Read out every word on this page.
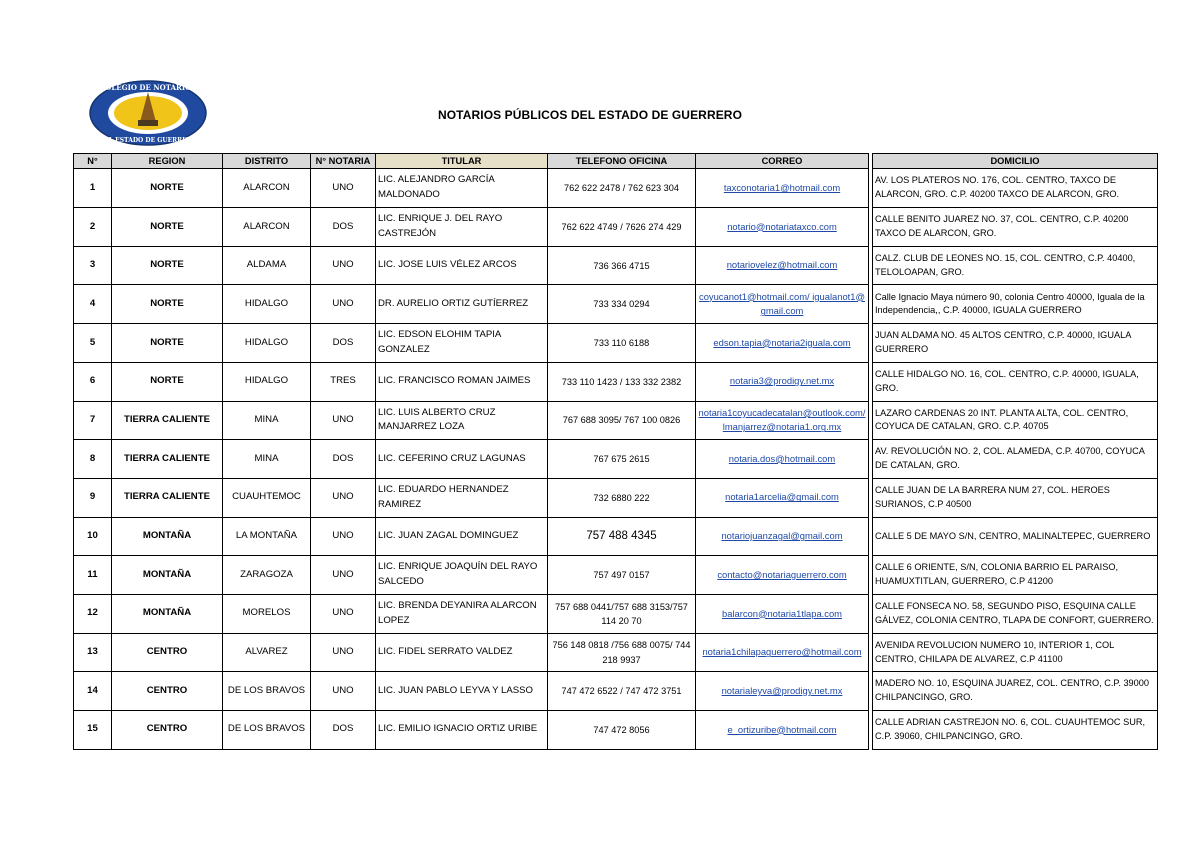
COLEGIO DE NOTARIOS
DEL ESTADO DE GUERRERO
NOTARIOS PÚBLICOS DEL ESTADO DE GUERRERO
N°	REGION	DISTRITO	N° NOTARIA	TITULAR	TELEFONO OFICINA	CORREO		DOMICILIO
1	NORTE	ALARCON	UNO	LIC. ALEJANDRO GARCÍA MALDONADO	762 622 2478 / 762 623 304	taxconotaria1@hotmail.com		AV. LOS PLATEROS NO. 176, COL. CENTRO, TAXCO DE ALARCON, GRO. C.P. 40200 TAXCO DE ALARCON, GRO.
2	NORTE	ALARCON	DOS	LIC. ENRIQUE J. DEL RAYO CASTREJÓN	762 622 4749 / 7626 274 429	notario@notariataxco.com		CALLE BENITO JUAREZ NO. 37, COL. CENTRO, C.P. 40200 TAXCO DE ALARCON, GRO.
3	NORTE	ALDAMA	UNO	LIC. JOSE LUIS VÉLEZ ARCOS	736 366 4715	notariovelez@hotmail.com		CALZ. CLUB DE LEONES NO. 15, COL. CENTRO, C.P. 40400, TELOLOAPAN, GRO.
4	NORTE	HIDALGO	UNO	DR. AURELIO ORTIZ GUTÍERREZ	733 334 0294	coyucanot1@hotmail.com/ igualanot1@gmail.com		Calle Ignacio Maya número 90, colonia Centro 40000, Iguala de la Independencia,, C.P. 40000, IGUALA GUERRERO
5	NORTE	HIDALGO	DOS	LIC. EDSON ELOHIM TAPIA GONZALEZ	733 110 6188	edson.tapia@notaria2iguala.com		JUAN ALDAMA NO. 45 ALTOS CENTRO, C.P. 40000, IGUALA GUERRERO
6	NORTE	HIDALGO	TRES	LIC. FRANCISCO ROMAN JAIMES	733 110 1423 / 133 332 2382	notaria3@prodigy.net.mx		CALLE HIDALGO NO. 16, COL. CENTRO, C.P. 40000, IGUALA, GRO.
7	TIERRA CALIENTE	MINA	UNO	LIC. LUIS ALBERTO CRUZ MANJARREZ LOZA	767 688 3095/ 767 100 0826	notaria1coyucadecatalan@outlook.com/ lmanjarrez@notaria1.org.mx		LAZARO CARDENAS 20 INT. PLANTA ALTA, COL. CENTRO, COYUCA DE CATALAN, GRO. C.P. 40705
8	TIERRA CALIENTE	MINA	DOS	LIC. CEFERINO CRUZ LAGUNAS	767 675 2615	notaria.dos@hotmail.com		AV. REVOLUCIÓN NO. 2, COL. ALAMEDA, C.P. 40700, COYUCA DE CATALAN, GRO.
9	TIERRA CALIENTE	CUAUHTEMOC	UNO	LIC. EDUARDO HERNANDEZ RAMIREZ	732 6880 222	notaria1arcelia@gmail.com		CALLE JUAN DE LA BARRERA NUM 27, COL. HEROES SURIANOS, C.P 40500
10	MONTAÑA	LA MONTAÑA	UNO	LIC. JUAN ZAGAL DOMINGUEZ	757 488 4345	notariojuanzagal@gmail.com		CALLE 5 DE MAYO S/N, CENTRO, MALINALTEPEC, GUERRERO
11	MONTAÑA	ZARAGOZA	UNO	LIC. ENRIQUE JOAQUÍN DEL RAYO SALCEDO	757 497 0157	contacto@notariaguerrero.com		CALLE 6 ORIENTE, S/N, COLONIA BARRIO EL PARAISO, HUAMUXTITLAN, GUERRERO, C.P 41200
12	MONTAÑA	MORELOS	UNO	LIC. BRENDA DEYANIRA ALARCON LOPEZ	757 688 0441/757 688 3153/757 114 20 70	balarcon@notaria1tlapa.com		CALLE FONSECA NO. 58, SEGUNDO PISO, ESQUINA CALLE GÁLVEZ, COLONIA CENTRO, TLAPA DE CONFORT, GUERRERO.
13	CENTRO	ALVAREZ	UNO	LIC. FIDEL SERRATO VALDEZ	756 148 0818 /756 688 0075/ 744 218 9937	notaria1chilapaguerrero@hotmail.com		AVENIDA REVOLUCION NUMERO 10, INTERIOR 1, COL CENTRO, CHILAPA DE ALVAREZ, C.P 41100
14	CENTRO	DE LOS BRAVOS	UNO	LIC. JUAN PABLO LEYVA Y LASSO	747 472 6522 / 747 472 3751	notarialeyva@prodigy.net.mx		MADERO NO. 10, ESQUINA JUAREZ, COL. CENTRO, C.P. 39000 CHILPANCINGO, GRO.
15	CENTRO	DE LOS BRAVOS	DOS	LIC. EMILIO IGNACIO ORTIZ URIBE	747 472 8056	e_ortizuribe@hotmail.com		CALLE ADRIAN CASTREJON NO. 6, COL. CUAUHTEMOC SUR, C.P. 39060, CHILPANCINGO, GRO.
